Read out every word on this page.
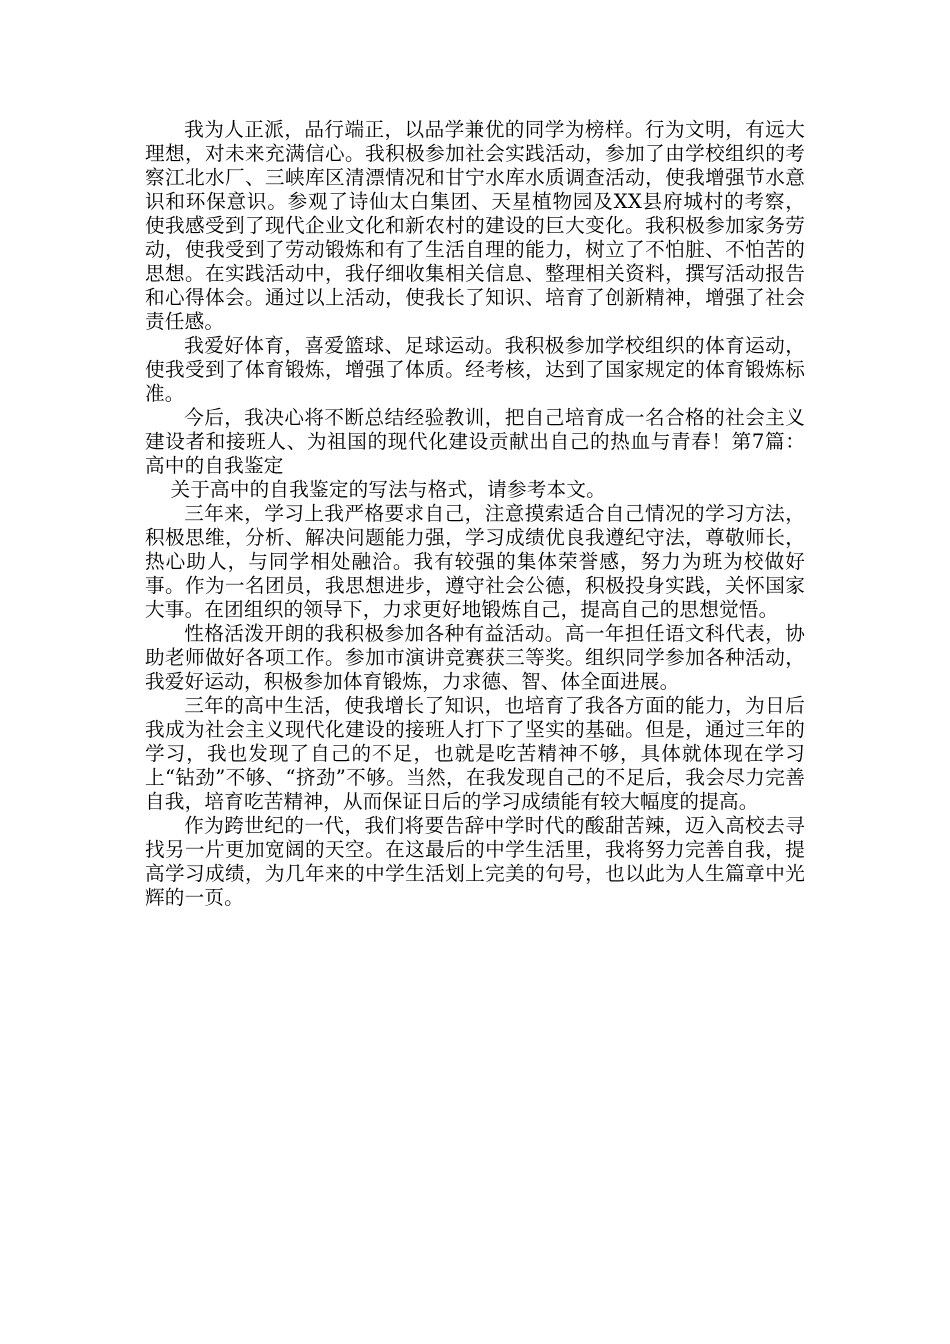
我为人正派，品行端正，以品学兼优的同学为榜样。行为文明，有远大理想，对未来充满信心。我积极参加社会实践活动，参加了由学校组织的考察江北水厂、三峡库区清漂情况和甘宁水库水质调查活动，使我增强节水意识和环保意识。参观了诗仙太白集团、天星植物园及XX县府城村的考察，使我感受到了现代企业文化和新农村的建设的巨大变化。我积极参加家务劳动，使我受到了劳动锻炼和有了生活自理的能力，树立了不怕脏、不怕苦的思想。在实践活动中，我仔细收集相关信息、整理相关资料，撰写活动报告和心得体会。通过以上活动，使我长了知识、培育了创新精神，增强了社会责任感。

我爱好体育，喜爱篮球、足球运动。我积极参加学校组织的体育运动，使我受到了体育锻炼，增强了体质。经考核，达到了国家规定的体育锻炼标准。

今后，我决心将不断总结经验教训，把自己培育成一名合格的社会主义建设者和接班人、为祖国的现代化建设贡献出自己的热血与青春！第7篇：高中的自我鉴定

关于高中的自我鉴定的写法与格式，请参考本文。

三年来，学习上我严格要求自己，注意摸索适合自己情况的学习方法，积极思维，分析、解决问题能力强，学习成绩优良我遵纪守法，尊敬师长，热心助人，与同学相处融洽。我有较强的集体荣誉感，努力为班为校做好事。作为一名团员，我思想进步，遵守社会公德，积极投身实践，关怀国家大事。在团组织的领导下，力求更好地锻炼自己，提高自己的思想觉悟。

性格活泼开朗的我积极参加各种有益活动。高一年担任语文科代表，协助老师做好各项工作。参加市演讲竞赛获三等奖。组织同学参加各种活动，我爱好运动，积极参加体育锻炼，力求德、智、体全面进展。

三年的高中生活，使我增长了知识，也培育了我各方面的能力，为日后我成为社会主义现代化建设的接班人打下了坚实的基础。但是，通过三年的学习，我也发现了自己的不足，也就是吃苦精神不够，具体就体现在学习上“钻劲”不够、“挤劲”不够。当然，在我发现自己的不足后，我会尽力完善自我，培育吃苦精神，从而保证日后的学习成绩能有较大幅度的提高。

作为跨世纪的一代，我们将要告辞中学时代的酸甜苦辣，迈入高校去寻找另一片更加宽阔的天空。在这最后的中学生活里，我将努力完善自我，提高学习成绩，为几年来的中学生活划上完美的句号，也以此为人生篇章中光辉的一页。
